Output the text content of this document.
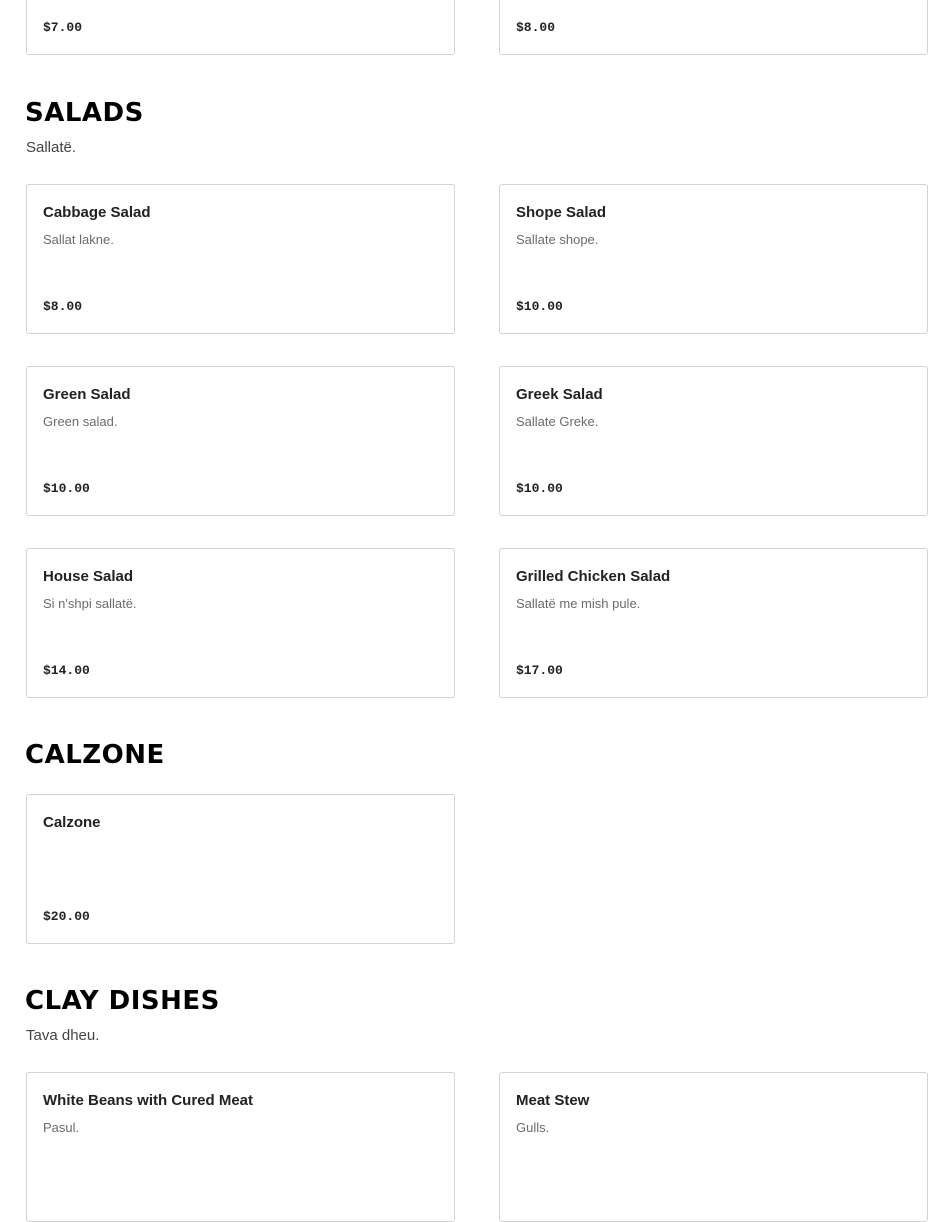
$7.00	$8.00
SALADS

Sallatë.

Cabbage Salad
Sallat lakne.
$8.00
Shope Salad
Sallate shope.
$10.00
Green Salad
Green salad.
$10.00
Greek Salad
Sallate Greke.
$10.00
House Salad
Si n'shpi sallatë.
$14.00
Grilled Chicken Salad
Sallatë me mish pule.
$17.00
CALZONE
Calzone
$20.00
CLAY DISHES

Tava dheu.

White Beans with Cured Meat
Pasul.
Meat Stew
Gulls.
